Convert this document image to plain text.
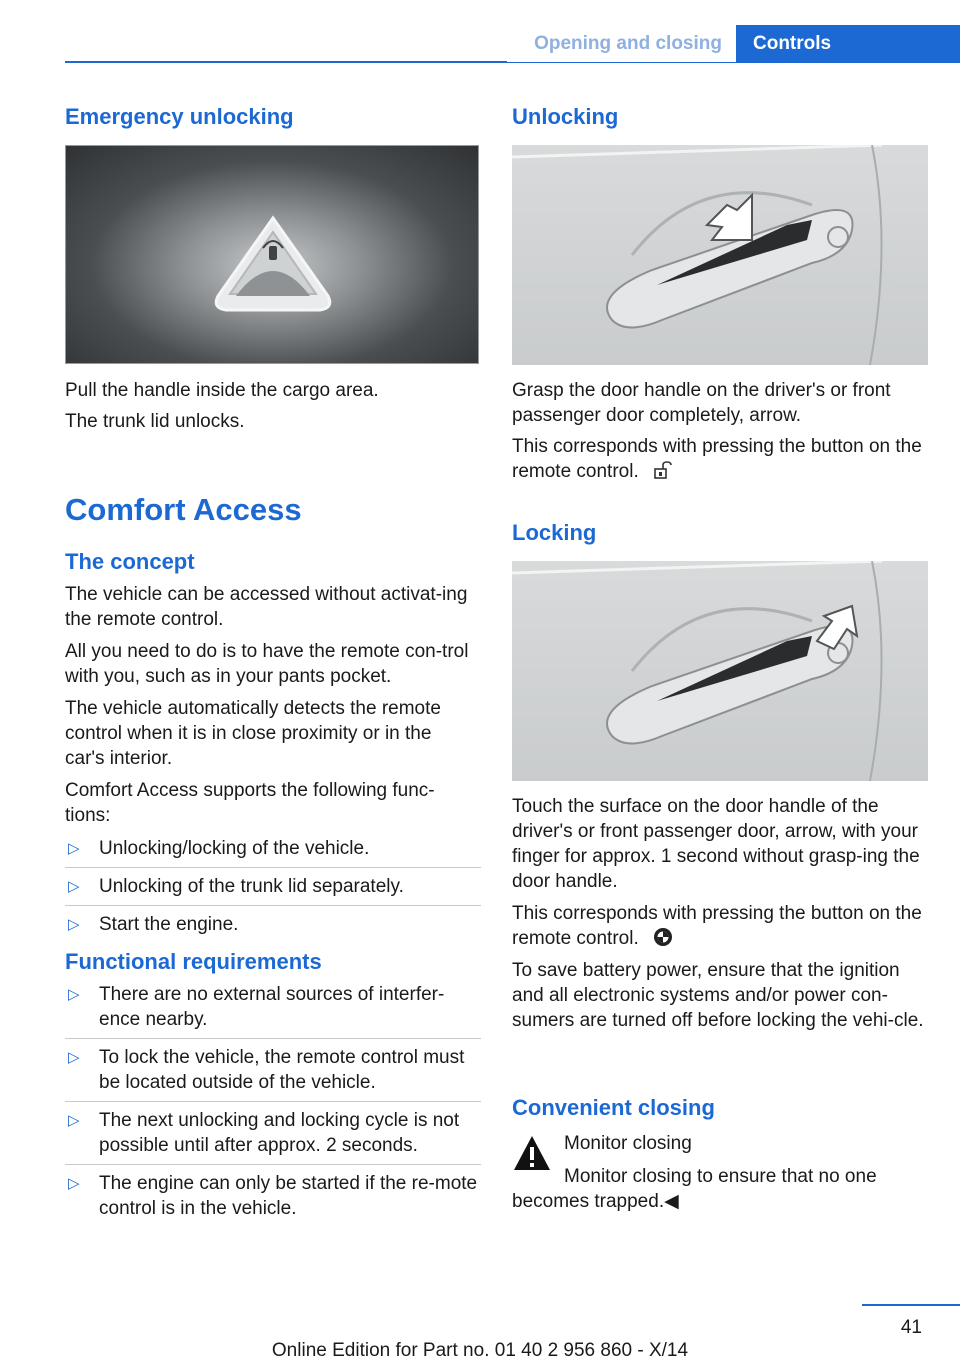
Opening and closing Controls
Emergency unlocking

Pull the handle inside the cargo area.

The trunk lid unlocks.

Comfort Access
The concept

The vehicle can be accessed without activat‐ing the remote control.

All you need to do is to have the remote con‐trol with you, such as in your pants pocket.

The vehicle automatically detects the remote control when it is in close proximity or in the car's interior.

Comfort Access supports the following func‐tions:

▷ Unlocking/locking of the vehicle.
▷ Unlocking of the trunk lid separately.
▷ Start the engine.
Functional requirements
▷ There are no external sources of interfer‐ence nearby.
▷ To lock the vehicle, the remote control must be located outside of the vehicle.
▷ The next unlocking and locking cycle is not possible until after approx. 2 seconds.
▷ The engine can only be started if the re‐mote control is in the vehicle.
Unlocking

Grasp the door handle on the driver's or front passenger door completely, arrow.

This corresponds with pressing the button on the remote control.

Locking

Touch the surface on the door handle of the driver's or front passenger door, arrow, with your finger for approx. 1 second without grasp‐ing the door handle.

This corresponds with pressing the button on the remote control.

To save battery power, ensure that the ignition and all electronic systems and/or power con‐sumers are turned off before locking the vehi‐cle.

Convenient closing

Monitor closing

Monitor closing to ensure that no one

becomes trapped.◀

41
Online Edition for Part no. 01 40 2 956 860 - X/14
